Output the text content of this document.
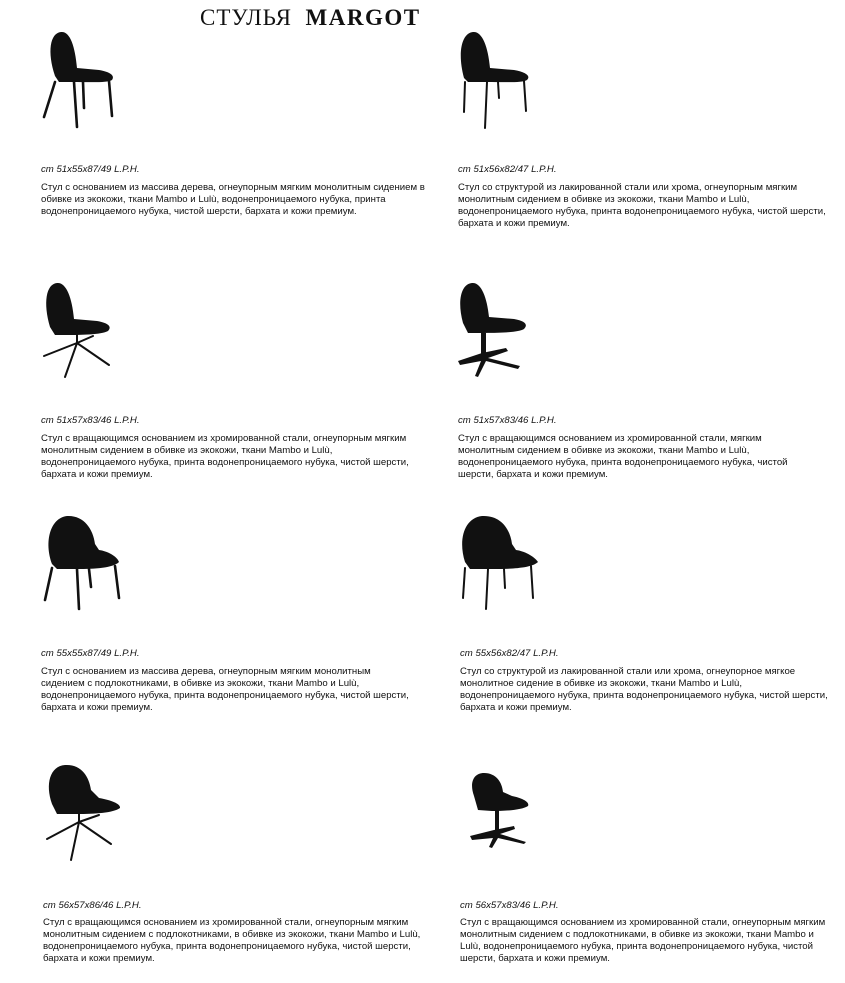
СТУЛЬЯ MARGOT
cm 51x55x87/49 L.P.H.
Стул с основанием из массива дерева, огнеупорным мягким монолитным сидением в обивке из экокожи, ткани Mambo и Lulù, водонепроницаемого нубука, принта водонепроницаемого нубука, чистой шерсти, бархата и кожи премиум.
cm 51x56x82/47 L.P.H.
Стул со структурой из лакированной стали или хрома, огнеупорным мягким монолитным сидением в обивке из экокожи, ткани Mambo и Lulù, водонепроницаемого нубука, принта водонепроницаемого нубука, чистой шерсти, бархата и кожи премиум.
cm 51x57x83/46 L.P.H.
Стул с вращающимся основанием из хромированной стали, огнеупорным мягким монолитным сидением в обивке из экокожи, ткани Mambo и Lulù, водонепроницаемого нубука, принта водонепроницаемого нубука, чистой шерсти, бархата и кожи премиум.
cm 51x57x83/46 L.P.H.
Стул с вращающимся основанием из хромированной стали, мягким монолитным сидением в обивке из экокожи, ткани Mambo и Lulù, водонепроницаемого нубука, принта водонепроницаемого нубука, чистой шерсти, бархата и кожи премиум.
cm 55x55x87/49 L.P.H.
Стул с основанием из массива дерева, огнеупорным мягким монолитным сидением с подлокотниками, в обивке из экокожи, ткани Mambo и Lulù, водонепроницаемого нубука, принта водонепроницаемого нубука, чистой шерсти, бархата и кожи премиум.
cm 55x56x82/47 L.P.H.
Стул со структурой из лакированной стали или хрома, огнеупорное мягкое монолитное сидение в обивке из экокожи, ткани Mambo и Lulù, водонепроницаемого нубука, принта водонепроницаемого нубука, чистой шерсти, бархата и кожи премиум.
cm 56x57x86/46 L.P.H.
Стул с вращающимся основанием из хромированной стали, огнеупорным мягким монолитным сидением с подлокотниками, в обивке из экокожи, ткани Mambo и Lulù, водонепроницаемого нубука, принта водонепроницаемого нубука, чистой шерсти, бархата и кожи премиум.
cm 56x57x83/46 L.P.H.
Стул с вращающимся основанием из хромированной стали, огнеупорным мягким монолитным сидением с подлокотниками, в обивке из экокожи, ткани Mambo и Lulù, водонепроницаемого нубука, принта водонепроницаемого нубука, чистой шерсти, бархата и кожи премиум.
